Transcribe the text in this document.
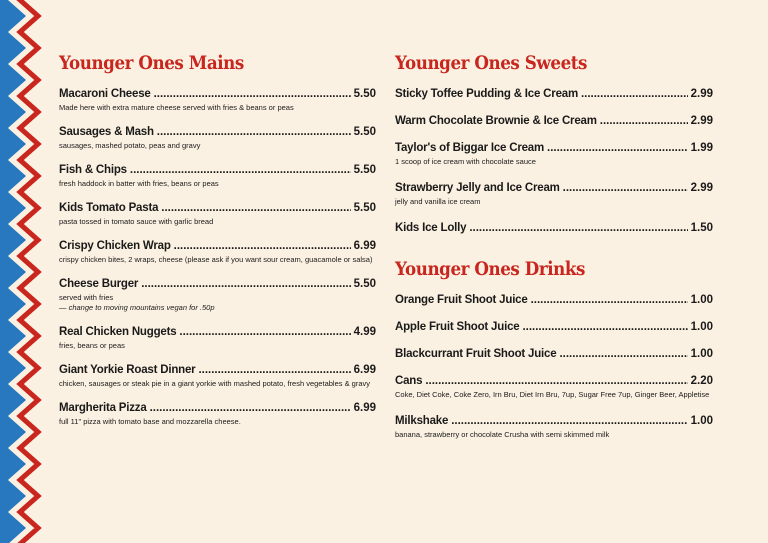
Younger Ones Mains
Macaroni Cheese . . .	5.50
Made here with extra mature cheese served with fries & beans or peas
Sausages & Mash . . .	5.50
sausages, mashed potato, peas and gravy
Fish & Chips . . .	5.50
fresh haddock in batter with fries, beans or peas
Kids Tomato Pasta . . .	5.50
pasta tossed in tomato sauce with garlic bread
Crispy Chicken Wrap . . .	6.99
crispy chicken bites, 2 wraps, cheese (please ask if you want sour cream, guacamole or salsa)
Cheese Burger . . .	5.50
served with fries
— change to moving mountains vegan for .50p
Real Chicken Nuggets . . .	4.99
fries, beans or peas
Giant Yorkie Roast Dinner . . .	6.99
chicken, sausages or steak pie in a giant yorkie with mashed potato, fresh vegetables & gravy
Margherita Pizza . . .	6.99
full 11" pizza with tomato base and mozzarella cheese.
Younger Ones Sweets
Sticky Toffee Pudding & Ice Cream . . .	2.99
Warm Chocolate Brownie & Ice Cream . . .	2.99
Taylor's of Biggar Ice Cream . . .	1.99
1 scoop of ice cream with chocolate sauce
Strawberry Jelly and Ice Cream . . .	2.99
jelly and vanilla ice cream
Kids Ice Lolly . . .	1.50
Younger Ones Drinks
Orange Fruit Shoot Juice . . .	1.00
Apple Fruit Shoot Juice . . .	1.00
Blackcurrant Fruit Shoot Juice . . .	1.00
Cans . . .	2.20
Coke, Diet Coke, Coke Zero, Irn Bru, Diet Irn Bru, 7up, Sugar Free 7up, Ginger Beer, Appletise
Milkshake . . .	1.00
banana, strawberry or chocolate Crusha with semi skimmed milk
